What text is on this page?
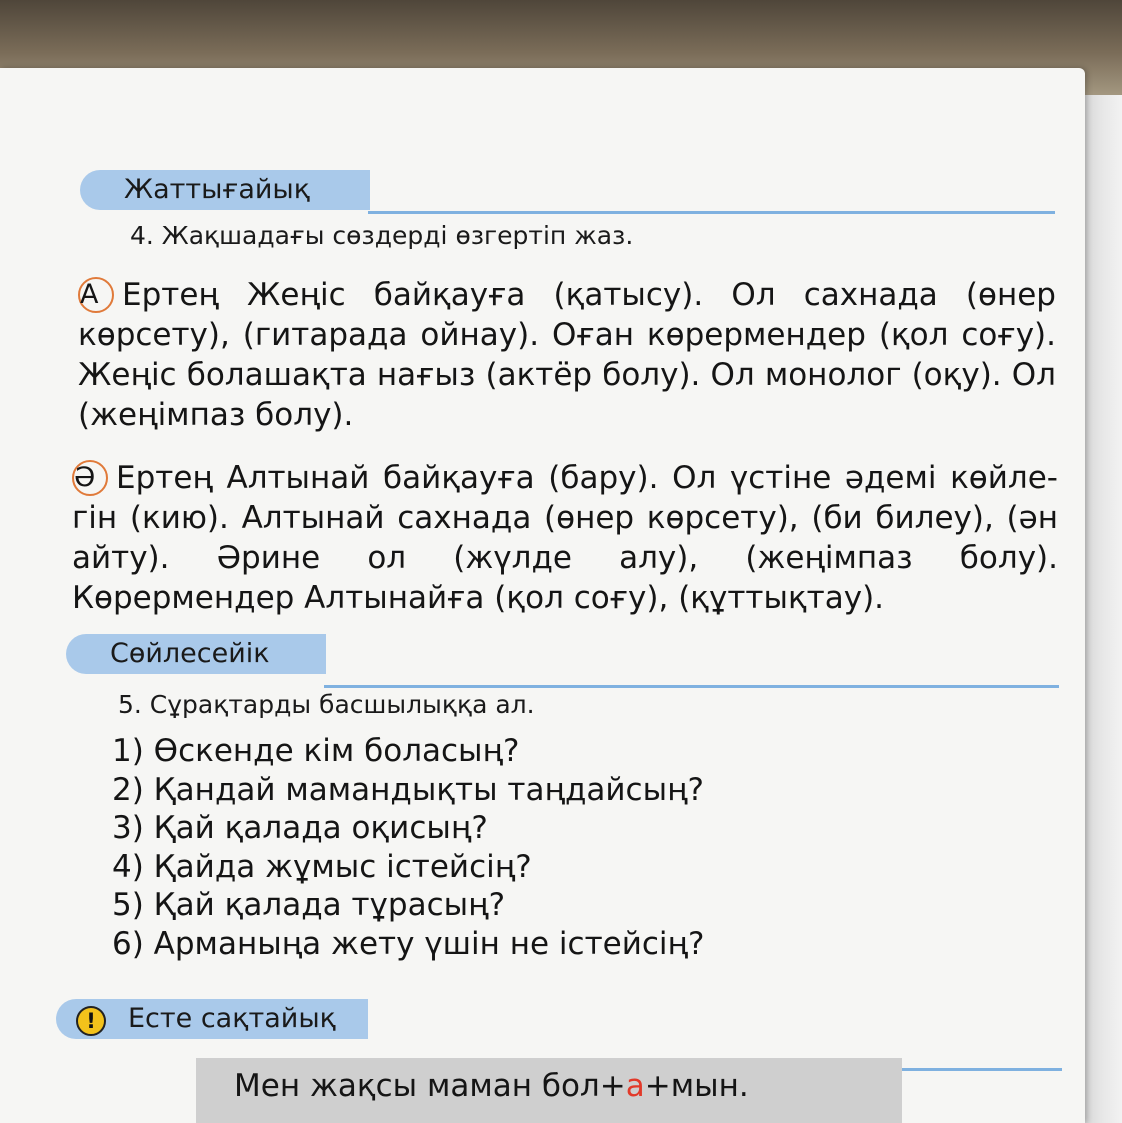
Жаттығайық
4. Жақшадағы сөздерді өзгертіп жаз.
А Ертең Жеңіс байқауға (қатысу). Ол сахнада (өнер көрсету), (гитарада ойнау). Оған көрермендер (қол соғу). Жеңіс болашақта нағыз (актёр болу). Ол монолог (оқу). Ол (жеңімпаз болу).
Ә Ертең Алтынай байқауға (бару). Ол үстіне әдемі көйле-гін (кию). Алтынай сахнада (өнер көрсету), (би билеу), (ән айту). Әрине ол (жүлде алу), (жеңімпаз болу). Көрермендер Алтынайға (қол соғу), (құттықтау).
Сөйлесейік
5. Сұрақтарды басшылыққа ал.
1) Өскенде кім боласың?
2) Қандай мамандықты таңдайсың?
3) Қай қалада оқисың?
4) Қайда жұмыс істейсің?
5) Қай қалада тұрасың?
6) Арманыңа жету үшін не істейсің?
Есте сақтайық
!
Мен жақсы маман бол+а+мын.
